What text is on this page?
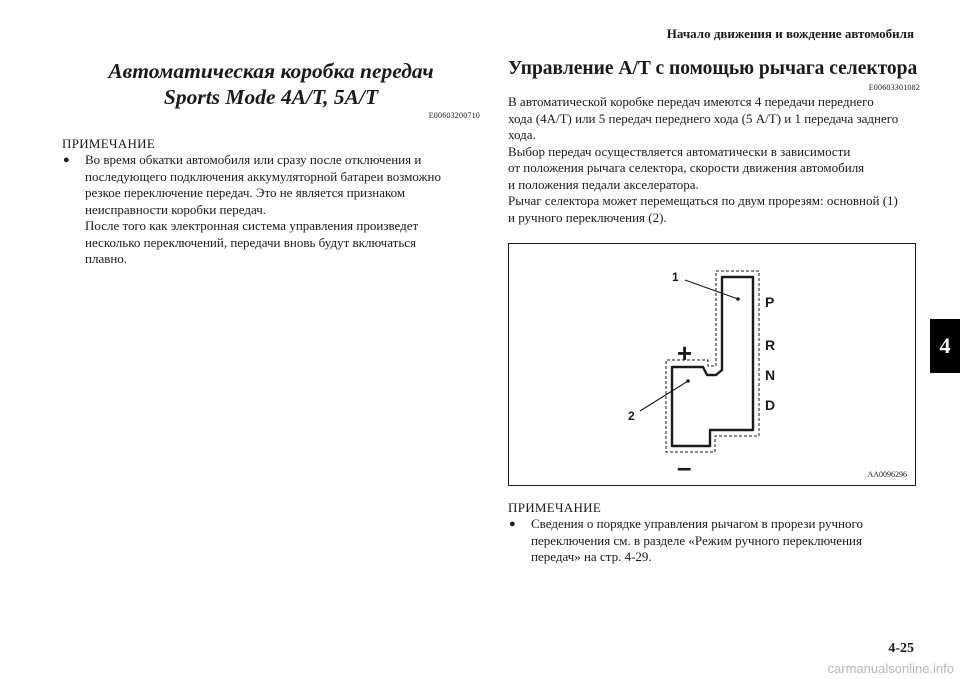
Начало движения и вождение автомобиля
4
Автоматическая коробка передач
Sports Mode 4A/T, 5A/T
E00603200710
ПРИМЕЧАНИЕ
●	Во время обкатки автомобиля или сразу после отключения и

последующего подключения аккумуляторной батареи возможно

резкое переключение передач. Это не является признаком

неисправности коробки передач.

После того как электронная система управления произведет

несколько переключений, передачи вновь будут включаться

плавно.

Управление A/T с помощью рычага селектора
E00603301082

В автоматической коробке передач имеются 4 передачи переднего

хода (4A/T) или 5 передач переднего хода (5 A/T) и 1 передача заднего

хода.

Выбор передач осуществляется автоматически в зависимости

от положения рычага селектора, скорости движения автомобиля

и положения педали акселератора.

Рычаг селектора может перемещаться по двум прорезям: основной (1)

и ручного переключения (2).

1
2
+
–
P
R
N
D
AA0096296
ПРИМЕЧАНИЕ
●	Сведения о порядке управления рычагом в прорези ручного

переключения см. в разделе «Режим ручного переключения

передач» на стр. 4-29.

4-25
carmanualsonline.info
